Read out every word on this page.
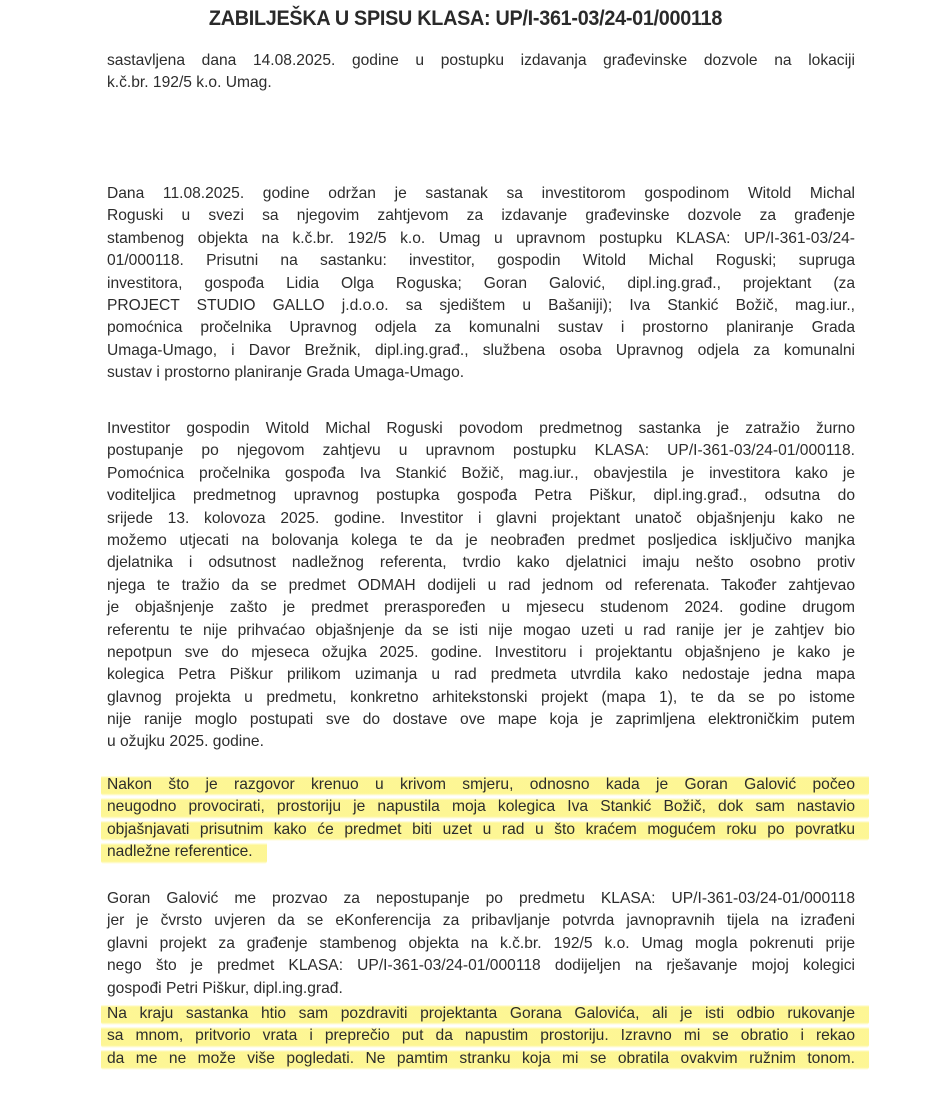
ZABILJEŠKA U SPISU KLASA: UP/I-361-03/24-01/000118
sastavljena dana 14.08.2025. godine u postupku izdavanja građevinske dozvole na lokaciji
k.č.br. 192/5 k.o. Umag.
Dana 11.08.2025. godine održan je sastanak sa investitorom gospodinom Witold Michal
Roguski u svezi sa njegovim zahtjevom za izdavanje građevinske dozvole za građenje
stambenog objekta na k.č.br. 192/5 k.o. Umag u upravnom postupku KLASA: UP/I-361-03/24-
01/000118. Prisutni na sastanku: investitor, gospodin Witold Michal Roguski; supruga
investitora, gospođa Lidia Olga Roguska; Goran Galović, dipl.ing.građ., projektant (za
PROJECT STUDIO GALLO j.d.o.o. sa sjedištem u Bašaniji); Iva Stankić Božič, mag.iur.,
pomoćnica pročelnika Upravnog odjela za komunalni sustav i prostorno planiranje Grada
Umaga-Umago, i Davor Brežnik, dipl.ing.građ., službena osoba Upravnog odjela za komunalni
sustav i prostorno planiranje Grada Umaga-Umago.
Investitor gospodin Witold Michal Roguski povodom predmetnog sastanka je zatražio žurno
postupanje po njegovom zahtjevu u upravnom postupku KLASA: UP/I-361-03/24-01/000118.
Pomoćnica pročelnika gospođa Iva Stankić Božič, mag.iur., obavjestila je investitora kako je
voditeljica predmetnog upravnog postupka gospođa Petra Piškur, dipl.ing.građ., odsutna do
srijede 13. kolovoza 2025. godine. Investitor i glavni projektant unatoč objašnjenju kako ne
možemo utjecati na bolovanja kolega te da je neobrađen predmet posljedica isključivo manjka
djelatnika i odsutnost nadležnog referenta, tvrdio kako djelatnici imaju nešto osobno protiv
njega te tražio da se predmet ODMAH dodijeli u rad jednom od referenata. Također zahtjevao
je objašnjenje zašto je predmet preraspoređen u mjesecu studenom 2024. godine drugom
referentu te nije prihvaćao objašnjenje da se isti nije mogao uzeti u rad ranije jer je zahtjev bio
nepotpun sve do mjeseca ožujka 2025. godine. Investitoru i projektantu objašnjeno je kako je
kolegica Petra Piškur prilikom uzimanja u rad predmeta utvrdila kako nedostaje jedna mapa
glavnog projekta u predmetu, konkretno arhitekstonski projekt (mapa 1), te da se po istome
nije ranije moglo postupati sve do dostave ove mape koja je zaprimljena elektroničkim putem
u ožujku 2025. godine.
Nakon što je razgovor krenuo u krivom smjeru, odnosno kada je Goran Galović počeo
neugodno provocirati, prostoriju je napustila moja kolegica Iva Stankić Božič, dok sam nastavio
objašnjavati prisutnim kako će predmet biti uzet u rad u što kraćem mogućem roku po povratku
nadležne referentice.
Goran Galović me prozvao za nepostupanje po predmetu KLASA: UP/I-361-03/24-01/000118
jer je čvrsto uvjeren da se eKonferencija za pribavljanje potvrda javnopravnih tijela na izrađeni
glavni projekt za građenje stambenog objekta na k.č.br. 192/5 k.o. Umag mogla pokrenuti prije
nego što je predmet KLASA: UP/I-361-03/24-01/000118 dodijeljen na rješavanje mojoj kolegici
gospođi Petri Piškur, dipl.ing.građ.
Na kraju sastanka htio sam pozdraviti projektanta Gorana Galovića, ali je isti odbio rukovanje
sa mnom, pritvorio vrata i preprečio put da napustim prostoriju. Izravno mi se obratio i rekao
da me ne može više pogledati. Ne pamtim stranku koja mi se obratila ovakvim ružnim tonom.
